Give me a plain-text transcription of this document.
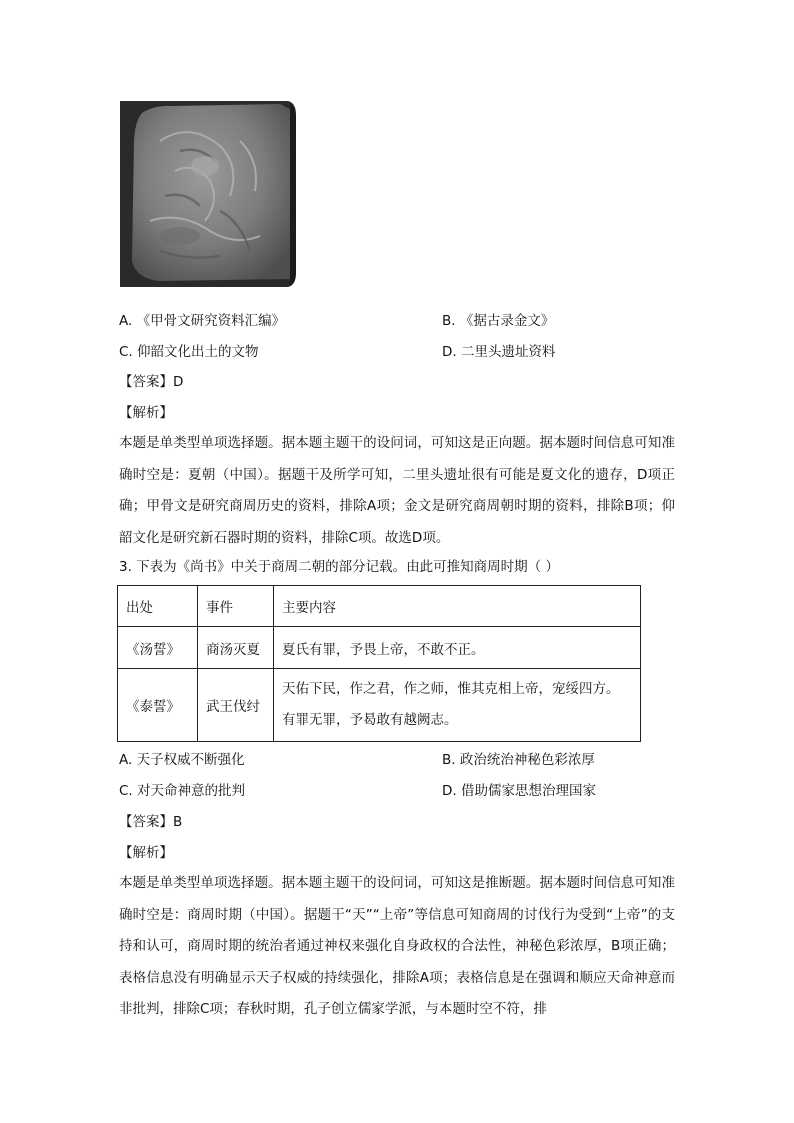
A. 《甲骨文研究资料汇编》	B. 《据古录金文》
C. 仰韶文化出土的文物	D. 二里头遗址资料
【答案】D
【解析】
本题是单类型单项选择题。据本题主题干的设问词，可知这是正向题。据本题时间信息可知准确时空是：夏朝（中国）。据题干及所学可知，二里头遗址很有可能是夏文化的遗存，D项正确；甲骨文是研究商周历史的资料，排除A项；金文是研究商周朝时期的资料，排除B项；仰韶文化是研究新石器时期的资料，排除C项。故选D项。
3. 下表为《尚书》中关于商周二朝的部分记载。由此可推知商周时期（ ）
出处	事件	主要内容
《汤誓》	商汤灭夏	夏氏有罪，予畏上帝，不敢不正。
《泰誓》	武王伐纣	天佑下民，作之君，作之师，惟其克相上帝，宠绥四方。
有罪无罪，予曷敢有越阙志。
A. 天子权威不断强化	B. 政治统治神秘色彩浓厚
C. 对天命神意的批判	D. 借助儒家思想治理国家
【答案】B
【解析】
本题是单类型单项选择题。据本题主题干的设问词，可知这是推断题。据本题时间信息可知准确时空是：商周时期（中国）。据题干“天”“上帝”等信息可知商周的讨伐行为受到“上帝”的支持和认可，商周时期的统治者通过神权来强化自身政权的合法性，神秘色彩浓厚，B项正确；表格信息没有明确显示天子权威的持续强化，排除A项；表格信息是在强调和顺应天命神意而非批判，排除C项；春秋时期，孔子创立儒家学派，与本题时空不符，排
